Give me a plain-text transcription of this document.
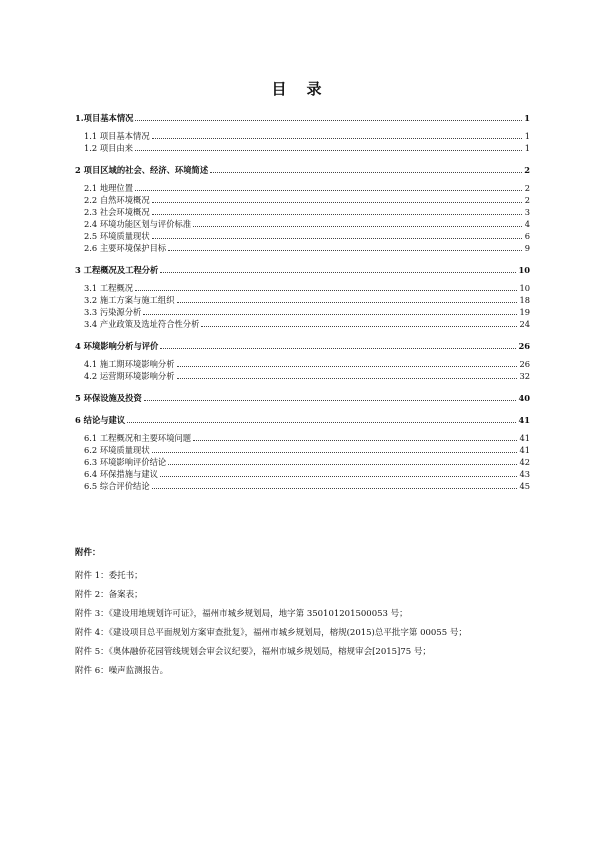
目 录
1.项目基本情况	1
1.1 项目基本情况	1
1.2 项目由来	1
2 项目区域的社会、经济、环境简述	2
2.1 地理位置	2
2.2 自然环境概况	2
2.3 社会环境概况	3
2.4 环境功能区划与评价标准	4
2.5 环境质量现状	6
2.6 主要环境保护目标	9
3 工程概况及工程分析	10
3.1 工程概况	10
3.2 施工方案与施工组织	18
3.3 污染源分析	19
3.4 产业政策及选址符合性分析	24
4 环境影响分析与评价	26
4.1 施工期环境影响分析	26
4.2 运营期环境影响分析	32
5 环保设施及投资	40
6 结论与建议	41
6.1 工程概况和主要环境问题	41
6.2 环境质量现状	41
6.3 环境影响评价结论	42
6.4 环保措施与建议	43
6.5 综合评价结论	45
附件：
附件 1：委托书；
附件 2：备案表；
附件 3：《建设用地规划许可证》，福州市城乡规划局，地字第 350101201500053 号；
附件 4：《建设项目总平面规划方案审查批复》，福州市城乡规划局，榕规(2015)总平批字第 00055 号；
附件 5：《奥体融侨花园管线规划会审会议纪要》，福州市城乡规划局，榕规审会[2015]75 号；
附件 6：噪声监测报告。
